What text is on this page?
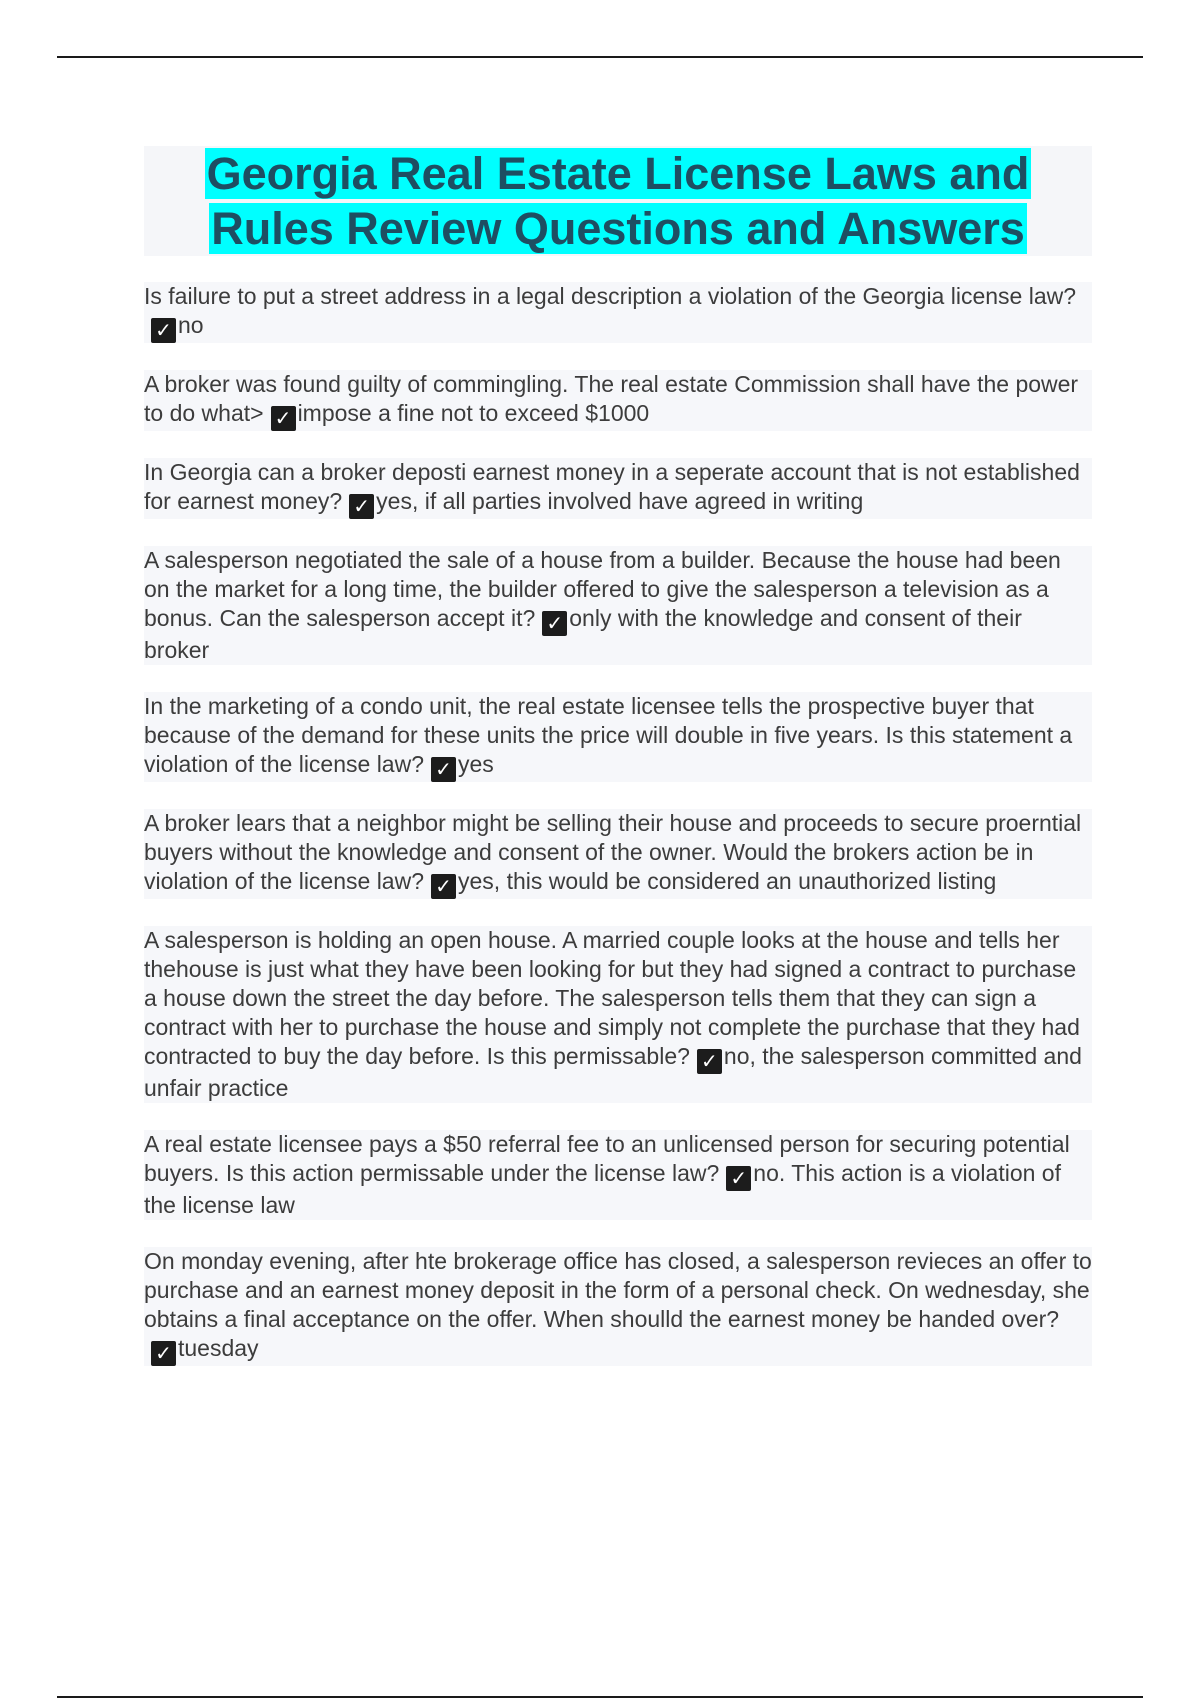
Georgia Real Estate License Laws and
Rules Review Questions and Answers

Is failure to put a street address in a legal description a violation of the Georgia license law?✓ no

A broker was found guilty of commingling. The real estate Commission shall have the power to do what> ✓ impose a fine not to exceed $1000

In Georgia can a broker deposti earnest money in a seperate account that is not established for earnest money? ✓ yes, if all parties involved have agreed in writing

A salesperson negotiated the sale of a house from a builder. Because the house had been on the market for a long time, the builder offered to give the salesperson a television as a bonus. Can the salesperson accept it? ✓ only with the knowledge and consent of their broker

In the marketing of a condo unit, the real estate licensee tells the prospective buyer that because of the demand for these units the price will double in five years. Is this statement a violation of the license law? ✓ yes

A broker lears that a neighbor might be selling their house and proceeds to secure proerntial buyers without the knowledge and consent of the owner. Would the brokers action be in violation of the license law? ✓ yes, this would be considered an unauthorized listing

A salesperson is holding an open house. A married couple looks at the house and tells her thehouse is just what they have been looking for but they had signed a contract to purchase a house down the street the day before. The salesperson tells them that they can sign a contract with her to purchase the house and simply not complete the purchase that they had contracted to buy the day before. Is this permissable? ✓ no, the salesperson committed and unfair practice

A real estate licensee pays a $50 referral fee to an unlicensed person for securing potential buyers. Is this action permissable under the license law? ✓ no. This action is a violation of the license law

On monday evening, after hte brokerage office has closed, a salesperson revieces an offer to purchase and an earnest money deposit in the form of a personal check. On wednesday, she obtains a final acceptance on the offer. When shoulld the earnest money be handed over?✓ tuesday
